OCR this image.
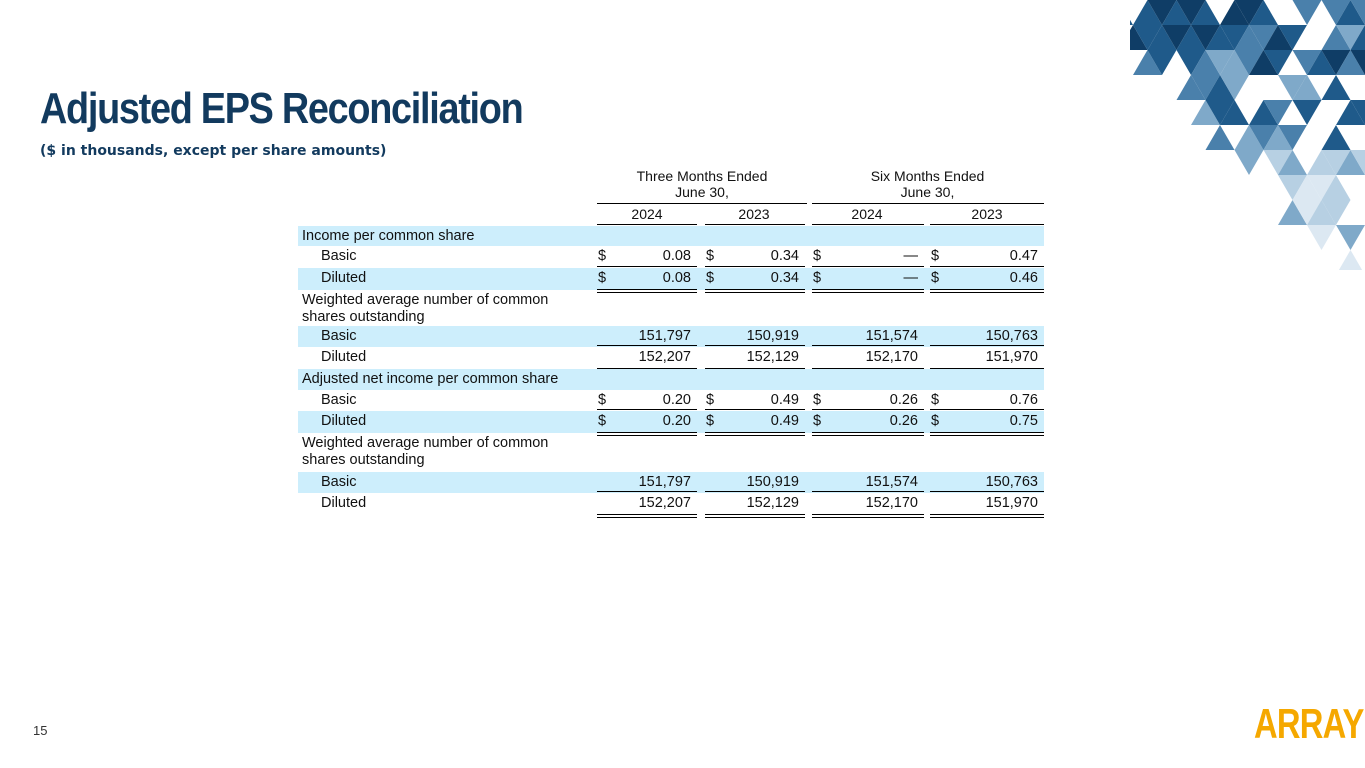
Adjusted EPS Reconciliation

($ in thousands, except per share amounts)

Three Months Ended
June 30,
Six Months Ended
June 30,
2024	2023	2024	2023
Income per common share
Basic	$	0.08 $	0.34 $	— $	0.47
Diluted	$	0.08 $	0.34 $	— $	0.46
Weighted average number of common
shares outstanding
Basic	151,797	150,919	151,574	150,763
Diluted	152,207	152,129	152,170	151,970
Adjusted net income per common share
Basic	$	0.20 $	0.49 $	0.26 $	0.76
Diluted	$	0.20 $	0.49 $	0.26 $	0.75
Weighted average number of common
shares outstanding
Basic	151,797	150,919	151,574	150,763
Diluted	152,207	152,129	152,170	151,970
15	ARRAY
